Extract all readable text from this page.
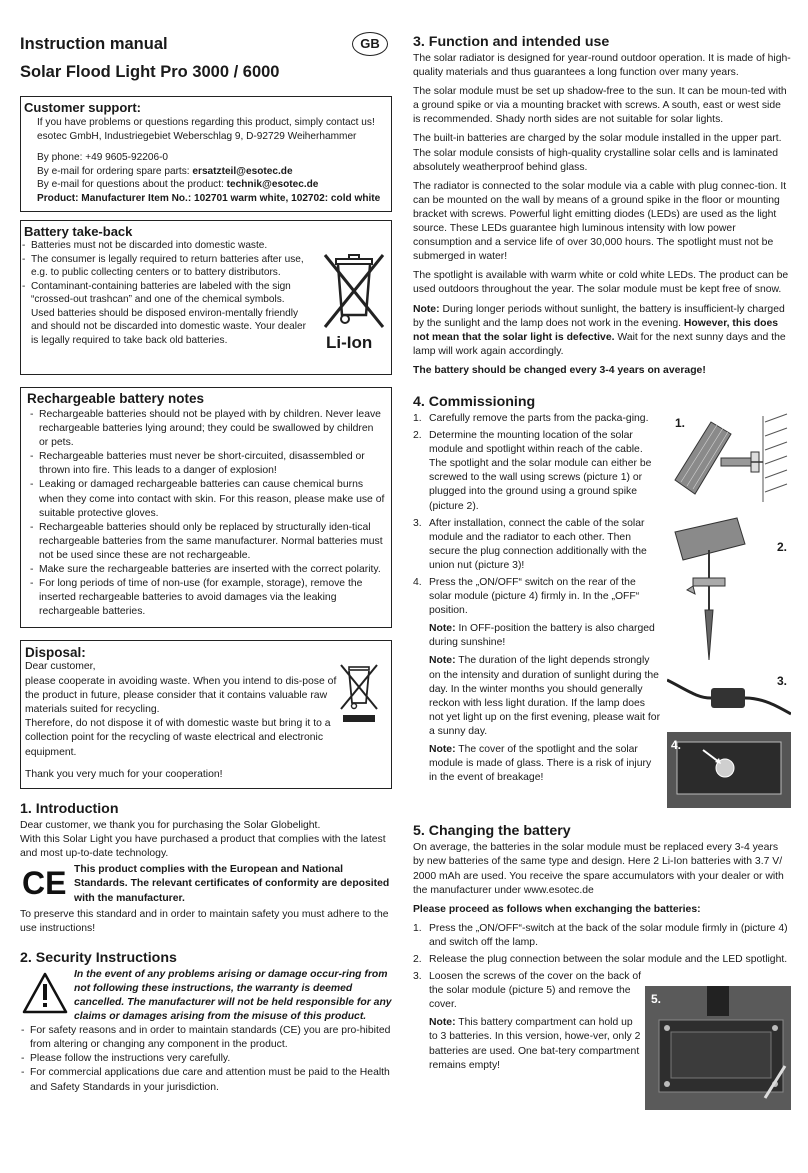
Instruction manual
Solar Flood Light Pro 3000 / 6000
GB
Customer support:

If you have problems or questions regarding this product, simply contact us!

esotec GmbH, Industriegebiet Weberschlag 9, D-92729 Weiherhammer

By phone: +49 9605-92206-0

By e-mail for ordering spare parts: ersatzteil@esotec.de

By e-mail for questions about the product: technik@esotec.de

Product: Manufacturer Item No.: 102701 warm white, 102702: cold white

Battery take-back
- Batteries must not be discarded into domestic waste.
- The consumer is legally required to return batteries after use, e.g. to public collecting centers or to battery distributors.
- Contaminant-containing batteries are labeled with the sign “crossed-out trashcan” and one of the chemical symbols. Used batteries should be disposed environ-mentally friendly and should not be discarded into domestic waste. Your dealer is legally required to take back old batteries.	Li-Ion
Rechargeable battery notes
- Rechargeable batteries should not be played with by children. Never leave rechargeable batteries lying around; they could be swallowed by children or pets.
- Rechargeable batteries must never be short-circuited, disassembled or thrown into fire. This leads to a danger of explosion!
- Leaking or damaged rechargeable batteries can cause chemical burns when they come into contact with skin. For this reason, please make use of suitable protective gloves.
- Rechargeable batteries should only be replaced by structurally iden-tical rechargeable batteries from the same manufacturer. Normal batteries must not be used since these are not rechargeable.
- Make sure the rechargeable batteries are inserted with the correct polarity.
- For long periods of time of non-use (for example, storage), remove the inserted rechargeable batteries to avoid damages via the leaking rechargeable batteries.
Disposal:

Dear customer,

please cooperate in avoiding waste. When you intend to dis-pose of the product in future, please consider that it contains valuable raw materials suited for recycling.

Therefore, do not dispose it of with domestic waste but bring it to a collection point for the recycling of waste electrical and electronic equipment.

Thank you very much for your cooperation!

1. Introduction
Dear customer, we thank you for purchasing the Solar Globelight.
With this Solar Light you have purchased a product that complies with the latest and most up-to-date technology.
CE This product complies with the European and National Standards. The relevant certificates of conformity are deposited with the manufacturer.
To preserve this standard and in order to maintain safety you must adhere to the use instructions!
2. Security Instructions
In the event of any problems arising or damage occur-ring from not following these instructions, the warranty is deemed cancelled. The manufacturer will not be held responsible for any claims or damages arising from the misuse of this product.
- For safety reasons and in order to maintain standards (CE) you are pro-hibited from altering or changing any component in the product.
- Please follow the instructions very carefully.
- For commercial applications due care and attention must be paid to the Health and Safety Standards in your jurisdiction.
3. Function and intended use

The solar radiator is designed for year-round outdoor operation. It is made of high-quality materials and thus guarantees a long function over many years.

The solar module must be set up shadow-free to the sun. It can be moun-ted with a ground spike or via a mounting bracket with screws. A south, east or west side is recommended. Shady north sides are not suitable for solar lights.

The built-in batteries are charged by the solar module installed in the upper part. The solar module consists of high-quality crystalline solar cells and is laminated absolutely weatherproof behind glass.

The radiator is connected to the solar module via a cable with plug connec-tion. It can be mounted on the wall by means of a ground spike in the floor or mounting bracket with screws. Powerful light emitting diodes (LEDs) are used as the light source. These LEDs guarantee high luminous intensity with low power consumption and a service life of over 30,000 hours. The spotlight must not be submerged in water!

The spotlight is available with warm white or cold white LEDs. The product can be used outdoors throughout the year. The solar module must be kept free of snow.

Note: During longer periods without sunlight, the battery is insufficient-ly charged by the sunlight and the lamp does not work in the evening. However, this does not mean that the solar light is defective. Wait for the next sunny days and the lamp will work again accordingly.

The battery should be changed every 3-4 years on average!

4. Commissioning
1. Carefully remove the parts from the packa-ging.
2. Determine the mounting location of the solar module and spotlight within reach of the cable. The spotlight and the solar module can either be screwed to the wall using screws (picture 1) or plugged into the ground using a ground spike (picture 2).
3. After installation, connect the cable of the solar module and the radiator to each other. Then secure the plug connection additionally with the union nut (picture 3)!
4. Press the „ON/OFF“ switch on the rear of the solar module (picture 4) firmly in. In the „OFF“ position.
Note: In OFF-position the battery is also charged during sunshine!
Note: The duration of the light depends strongly on the intensity and duration of sunlight during the day. In the winter months you should generally reckon with less light duration. If the lamp does not yet light up on the first evening, please wait for a sunny day.
Note: The cover of the spotlight and the solar module is made of glass. There is a risk of injury in the event of breakage!
1.
2.
3.
4.
5. Changing the battery

On average, the batteries in the solar module must be replaced every 3-4 years by new batteries of the same type and design. Here 2 Li-Ion batteries with 3.7 V/ 2000 mAh are used. You receive the spare accumulators with your dealer or with the manufacturer under www.esotec.de

Please proceed as follows when exchanging the batteries:

1. Press the „ON/OFF“-switch at the back of the solar module firmly in (picture 4) and switch off the lamp.
2. Release the plug connection between the solar module and the LED spotlight.
3. Loosen the screws of the cover on the back of the solar module (picture 5) and remove the cover.
Note: This battery compartment can hold up to 3 batteries. In this version, howe-ver, only 2 batteries are used. One bat-tery compartment remains empty!
5.
